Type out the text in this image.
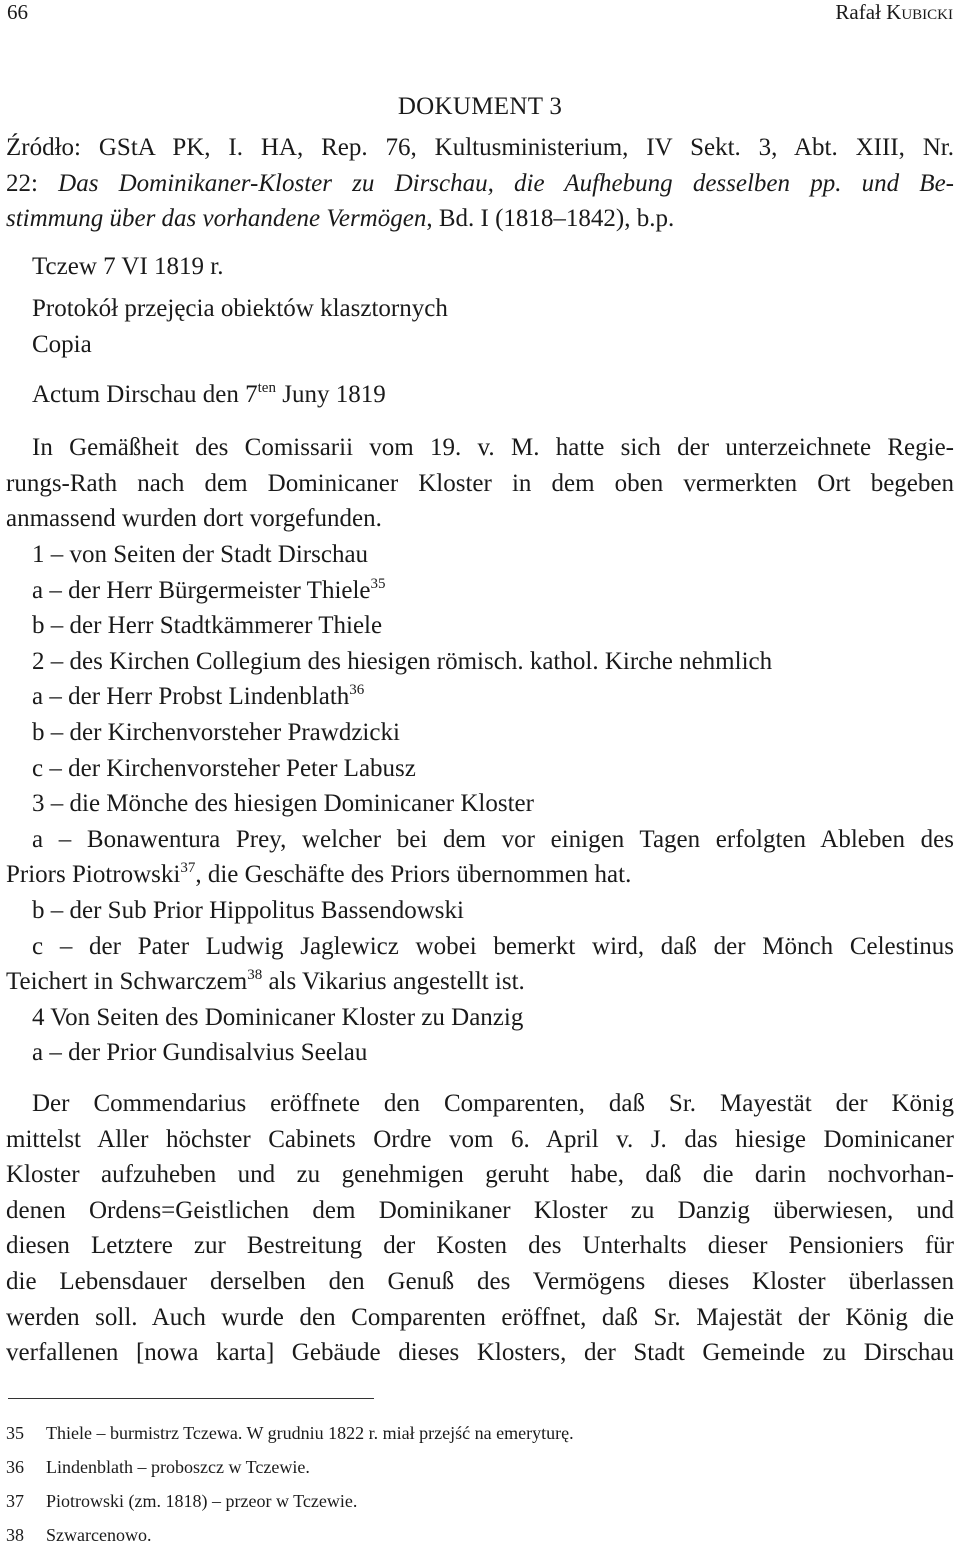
66	Rafał Kubicki
DOKUMENT 3
Źródło: GStA PK, I. HA, Rep. 76, Kultusministerium, IV Sekt. 3, Abt. XIII, Nr.
22: Das Dominikaner-Kloster zu Dirschau, die Aufhebung desselben pp. und Be-
stimmung über das vorhandene Vermögen, Bd. I (1818–1842), b.p.
Tczew 7 VI 1819 r.
Protokół przejęcia obiektów klasztornych
Copia
Actum Dirschau den $7^{ten}$ Juny 1819
In Gemäßheit des Comissarii vom 19. v. M. hatte sich der unterzeichnete Regie-
rungs-Rath nach dem Dominicaner Kloster in dem oben vermerkten Ort begeben
anmassend wurden dort vorgefunden.
1 – von Seiten der Stadt Dirschau
a – der Herr Bürgermeister Thiele$^{35}$
b – der Herr Stadtkämmerer Thiele
2 – des Kirchen Collegium des hiesigen römisch. kathol. Kirche nehmlich
a – der Herr Probst Lindenblath$^{36}$
b – der Kirchenvorsteher Prawdzicki
c – der Kirchenvorsteher Peter Labusz
3 – die Mönche des hiesigen Dominicaner Kloster
a – Bonawentura Prey, welcher bei dem vor einigen Tagen erfolgten Ableben des
Priors Piotrowski$^{37}$, die Geschäfte des Priors übernommen hat.
b – der Sub Prior Hippolitus Bassendowski
c – der Pater Ludwig Jaglewicz wobei bemerkt wird, daß der Mönch Celestinus
Teichert in Schwarczem$^{38}$ als Vikarius angestellt ist.
4 Von Seiten des Dominicaner Kloster zu Danzig
a – der Prior Gundisalvius Seelau
Der Commendarius eröffnete den Comparenten, daß Sr. Mayestät der König
mittelst Aller höchster Cabinets Ordre vom 6. April v. J. das hiesige Dominicaner
Kloster aufzuheben und zu genehmigen geruht habe, daß die darin nochvorhan-
denen Ordens=Geistlichen dem Dominikaner Kloster zu Danzig überwiesen, und
diesen Letztere zur Bestreitung der Kosten des Unterhalts dieser Pensioniers für
die Lebensdauer derselben den Genuß des Vermögens dieses Kloster überlassen
werden soll. Auch wurde den Comparenten eröffnet, daß Sr. Majestät der König die
verfallenen [nowa karta] Gebäude dieses Klosters, der Stadt Gemeinde zu Dirschau
35 Thiele – burmistrz Tczewa. W grudniu 1822 r. miał przejść na emeryturę.
36 Lindenblath – proboszcz w Tczewie.
37 Piotrowski (zm. 1818) – przeor w Tczewie.
38 Szwarcenowo.
